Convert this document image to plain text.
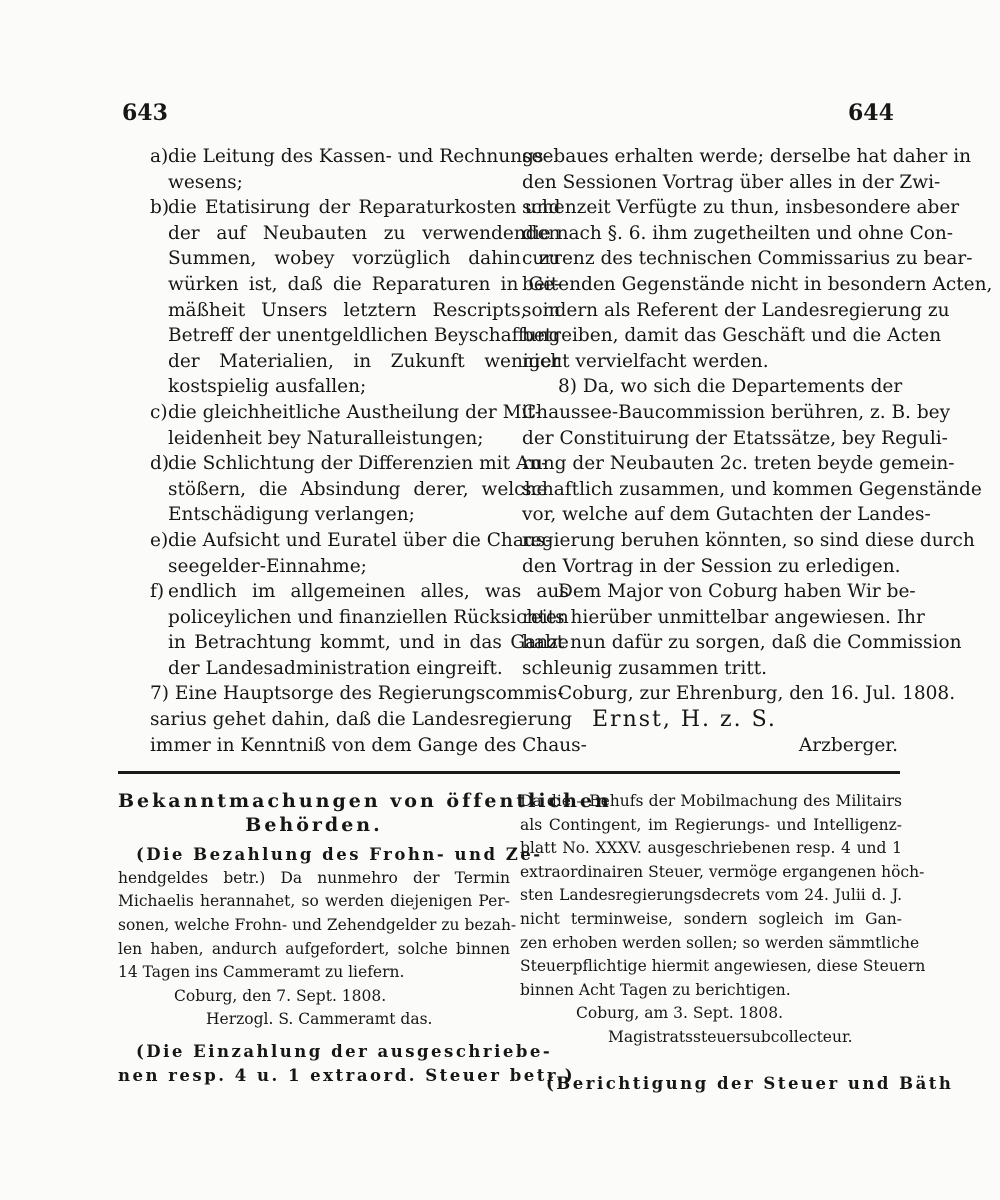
643	644
a) die Leitung des Kassen- und Rechnungs-
wesens;
b)
die Etatisirung der Reparaturkosten und
der auf Neubauten zu verwendenden
Summen, wobey vorzüglich dahin zu
würken ist, daß die Reparaturen in Ge-
mäßheit Unsers letztern Rescripts, in
Betreff der unentgeldlichen Beyschaffung
der Materialien, in Zukunft weniger
kostspielig ausfallen;
c) die gleichheitliche Austheilung der Mit-
leidenheit bey Naturalleistungen;
d)
die Schlichtung der Differenzien mit An-
stößern, die Absindung derer, welche
Entschädigung verlangen;
e) die Aufsicht und Euratel über die Chaus-
seegelder-Einnahme;
f) endlich im allgemeinen alles, was aus
policeylichen und finanziellen Rücksichten
in Betrachtung kommt, und in das Ganze
der Landesadministration eingreift.
7) Eine Hauptsorge des Regierungscommis-
sarius gehet dahin, daß die Landesregierung
immer in Kenntniß von dem Gange des Chaus-
seebaues erhalten werde; derselbe hat daher in
den Sessionen Vortrag über alles in der Zwi-
schenzeit Verfügte zu thun, insbesondere aber
die nach §. 6. ihm zugetheilten und ohne Con-
currenz des technischen Commissarius zu bear-
beitenden Gegenstände nicht in besondern Acten,
sondern als Referent der Landesregierung zu
betreiben, damit das Geschäft und die Acten
nicht vervielfacht werden.
8) Da, wo sich die Departements der
Chaussee-Baucommission berühren, z. B. bey
der Constituirung der Etatssätze, bey Reguli-
rung der Neubauten 2c. treten beyde gemein-
schaftlich zusammen, und kommen Gegenstände
vor, welche auf dem Gutachten der Landes-
regierung beruhen könnten, so sind diese durch
den Vortrag in der Session zu erledigen.
Dem Major von Coburg haben Wir be-
reits hierüber unmittelbar angewiesen. Ihr
habt nun dafür zu sorgen, daß die Commission
schleunig zusammen tritt.
Coburg, zur Ehrenburg, den 16. Jul. 1808.
Ernst, H. z. S.
Arzberger.
Bekanntmachungen von öffentlichen
Behörden.
(Die Bezahlung des Frohn- und Ze-
hendgeldes betr.) Da nunmehro der Termin
Michaelis herannahet, so werden diejenigen Per-
sonen, welche Frohn- und Zehendgelder zu bezah-
len haben, andurch aufgefordert, solche binnen
14 Tagen ins Cammeramt zu liefern.
Coburg, den 7. Sept. 1808.
Herzogl. S. Cammeramt das.
(Die Einzahlung der ausgeschriebe-
nen resp. 4 u. 1 extraord. Steuer betr.)
Da die – Behufs der Mobilmachung des Militairs
als Contingent, im Regierungs- und Intelligenz-
blatt No. XXXV. ausgeschriebenen resp. 4 und 1
extraordinairen Steuer, vermöge ergangenen höch-
sten Landesregierungsdecrets vom 24. Julii d. J.
nicht terminweise, sondern sogleich im Gan-
zen erhoben werden sollen; so werden sämmtliche
Steuerpflichtige hiermit angewiesen, diese Steuern
binnen Acht Tagen zu berichtigen.
Coburg, am 3. Sept. 1808.
Magistratssteuersubcollecteur.
(Berichtigung der Steuer und Bäth
